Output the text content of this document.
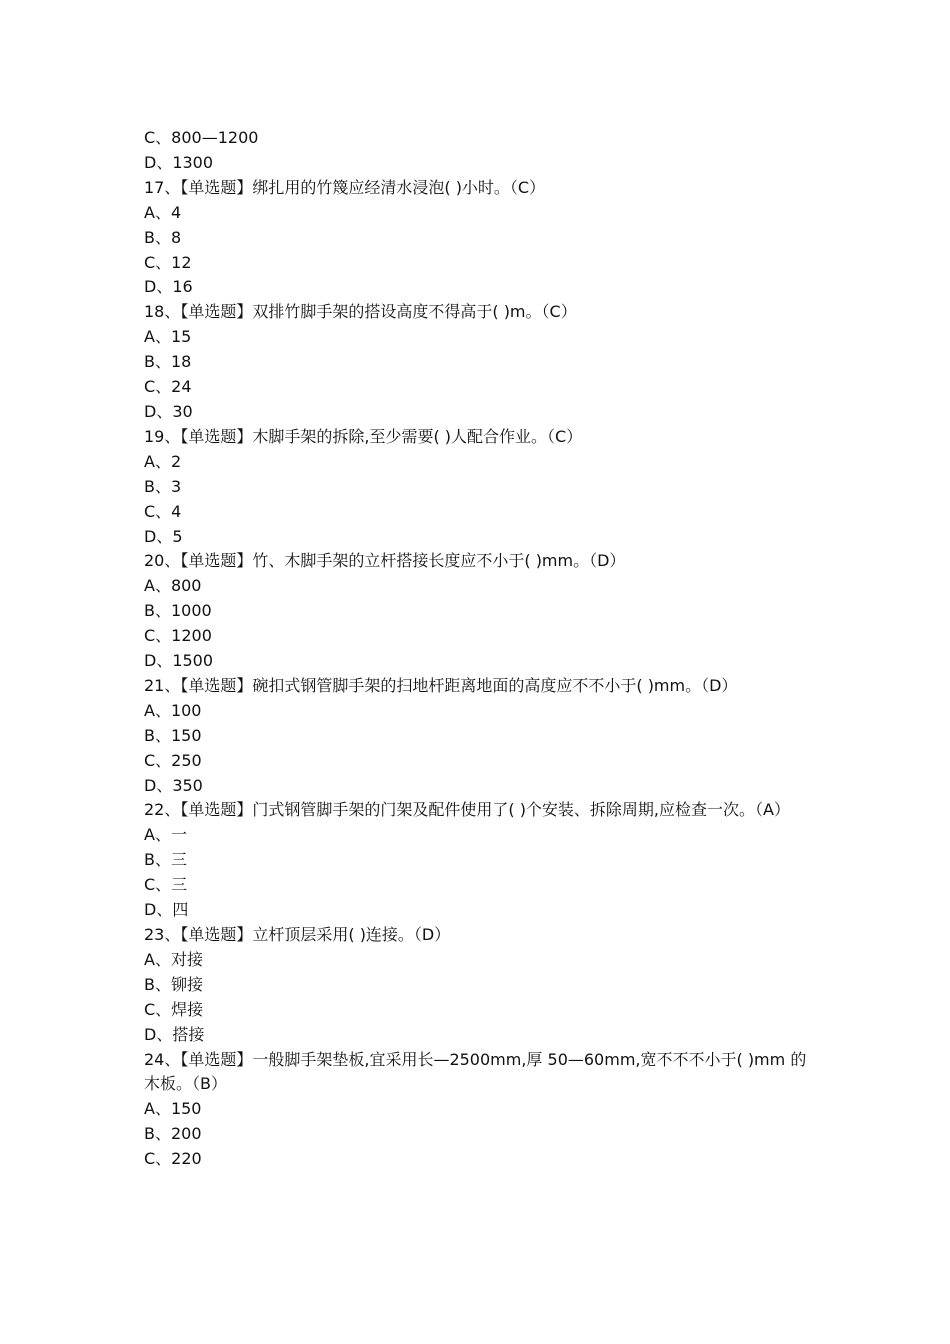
C、800—1200

D、1300

17、【单选题】绑扎用的竹篾应经清水浸泡( )小时。（C）

A、4

B、8

C、12

D、16

18、【单选题】双排竹脚手架的搭设高度不得高于( )m。（C）

A、15

B、18

C、24

D、30

19、【单选题】木脚手架的拆除,至少需要( )人配合作业。（C）

A、2

B、3

C、4

D、5

20、【单选题】竹、木脚手架的立杆搭接长度应不小于( )mm。（D）

A、800

B、1000

C、1200

D、1500

21、【单选题】碗扣式钢管脚手架的扫地杆距离地面的高度应不不小于( )mm。（D）

A、100

B、150

C、250

D、350

22、【单选题】门式钢管脚手架的门架及配件使用了( )个安装、拆除周期,应检查一次。（A）

A、一

B、三

C、三

D、四

23、【单选题】立杆顶层采用( )连接。（D）

A、对接

B、铆接

C、焊接

D、搭接

24、【单选题】一般脚手架垫板,宜采用长—2500mm,厚 50—60mm,宽不不不小于( )mm 的木板。（B）

A、150

B、200

C、220
